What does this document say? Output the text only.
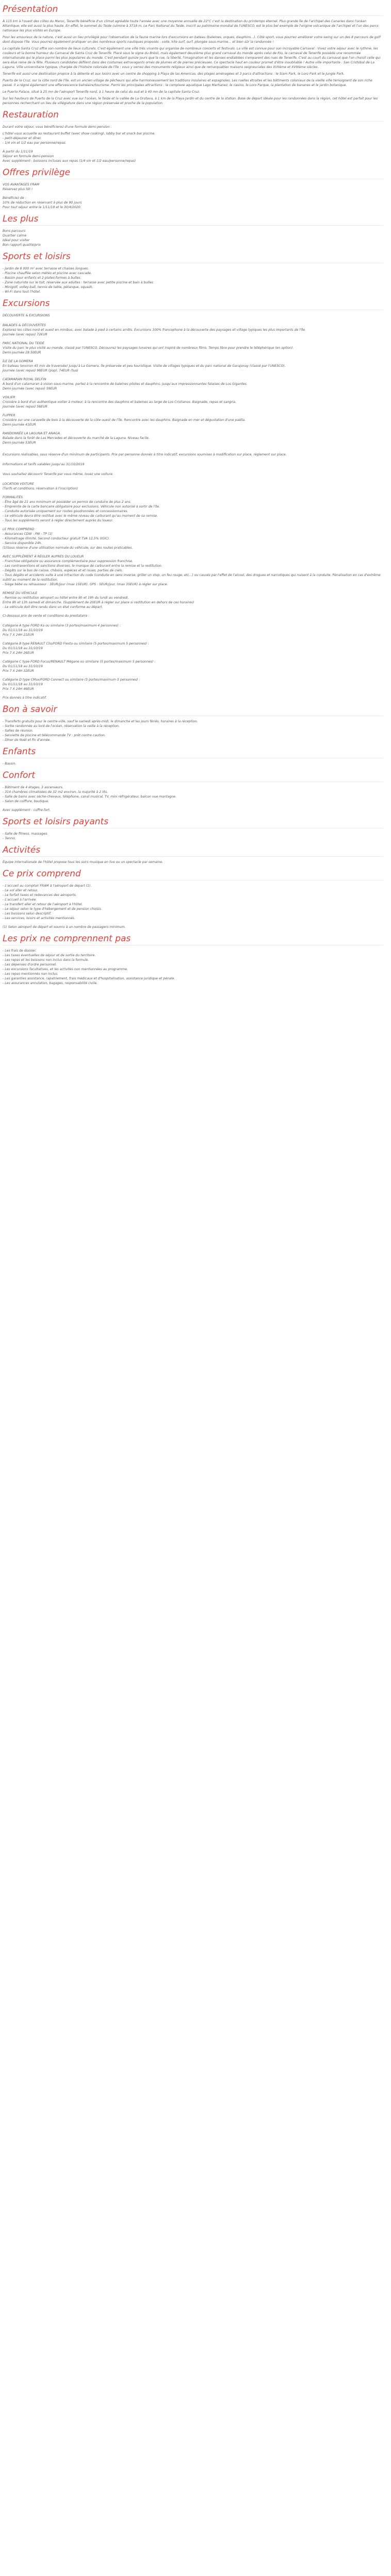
Présentation

À 115 km à l'ouest des côtes du Maroc, Tenerife bénéficie d'un climat agréable toute l'année avec une moyenne annuelle de 22°C c'est la destination du printemps éternel. Plus grande île de l'archipel des Canaries dans l'océan Atlantique, elle est aussi la plus haute. En effet, le sommet du Teide culmine à 3718 m. Le Parc National du Teide, inscrit au patrimoine mondial de l'UNESCO, est le plus bel exemple de l'origine volcanique de l'archipel et l'un des parcs nationaux les plus visités en Europe.

Pour les amoureux de la nature, c'est aussi un lieu privilégié pour l'observation de la faune marine lors d'excursions en bateau (baleines, orques, dauphins...). Côté sport, vous pourrez améliorer votre swing sur un des 8 parcours de golf dont dispose l'île. Vous pourrez également pratiquer un des nombreux sports nautiques proposés : voile, kite surf, surf, plongée sous-marine... et bien sûr la randonnée !

La capitale Santa Cruz offre son nombre de lieux culturels. C'est également une ville très vivante qui organise de nombreux concerts et festivals. La ville est connue pour son incroyable Carnaval : Vivez votre séjour avec le rythme, les couleurs et la bonne humeur du Carnaval de Santa Cruz de Tenerife. Placé sous le signe du Brésil, mais également deuxième plus grand carnaval du monde après celui de Rio, le carnaval de Tenerife possède une renommée internationale qui le place parmi les plus populaires du monde. C'est pendant quinze jours que la rue, la liberté, l'imagination et les danses endiablées s'emparent des rues de Tenerife. C'est au court du carnaval que l'on choisit celle qui sera élue reine de la fête. Plusieurs candidates défilent dans des costumes extravagants ornés de plumes et de pierres précieuses. Ce spectacle haut en couleur promet d'être inoubliable ! Autre ville importante : San Cristóbal de La Laguna. Ville universitaire typique, chargée de l'histoire coloniale de l'île ; vous y verrez des monuments religieux ainsi que de remarquables maisons seigneuriales des XVIIème et XVIIIème siècles.

Tenerife est aussi une destination propice à la détente et aux loisirs avec un centre de shopping à Playa de las Americas, des plages aménagées et 3 parcs d'attractions : le Siam Park, le Loro Park et le Jungle Park.

Puerto de la Cruz, sur la côte nord de l'île, est un ancien village de pêcheurs qui allie harmonieusement les traditions insulaires et espagnoles. Les ruelles étroites et les bâtiments coloniaux de la vieille ville témoignent de son riche passé. Il a régné également une effervescence balnéaire/tourisme. Parmi les principales attractions : le complexe aquatique Lago Martianez, le casino, le Loro Parque, la plantation de bananes et le jardin botanique.

Le Puerto Palace, situé à 25 mn de l'aéroport Tenerife nord, à 1 heure de celui du sud et à 40 mn de la capitale Santa Cruz.

Sur les hauteurs de Puerto de la Cruz avec vue sur l'océan, le Teide et la vallée de La Orotava, à 1 km de la Playa Jardín et du centre de la station. Base de départ idéale pour les randonnées dans la région, cet hôtel est parfait pour les personnes recherchant un lieu de villégiature dans une région préservée et proche de la population.

Restauration

Durant votre séjour, vous bénéficierez d'une formule demi-pension :

L'hôtel vous accueille au restaurant buffet (avec show cooking), lobby bar et snack-bar piscine.

- petit-déjeuner et dîner.

- 1/4 vin et 1/2 eau par personne/repas.

À partir du 1/11/19

Séjour en formule demi-pension

Avec supplément : boissons incluses aux repas (1/4 vin et 1/2 eau/personne/repas)

Offres privilège

VOS AVANTAGES FRAM

Réservez plus tôt !

Bénéficiez de :

10% de réduction en réservant à plus de 90 jours

Pour tout séjour entre le 1/11/19 et le 30/4/2020.

Les plus

Bons parcours

Quartier calme

Idéal pour visiter

Bon rapport qualité/prix

Sports et loisirs

- Jardin de 8 000 m² avec terrasse et chaises longues.

- Piscine chauffée selon météo et piscine avec cascade.

- Bassin pour enfants et 2 plates-formes à bulles.

- Zone naturiste sur le toit, réservée aux adultes : terrasse avec petite piscine et bain à bulles.

- Minigolf, volley-ball, tennis de table, pétanque, squash.

- Wi-Fi dans tout l'hôtel.

Excursions

DÉCOUVERTE & EXCURSIONS

BALADES & DÉCOUVERTES

Explorez les côtes nord et ouest en minibus, avec balade à pied à certains arrêts. Excursions 100% francophone à la découverte des paysages et village typiques les plus importants de l'île.

Journée (avec repas) 72€UR

PARC NATIONAL DU TEIDE

Visite du parc le plus visité au monde, classé par l'UNESCO. Découvrez les paysages lunaires qui ont inspiré de nombreux films. Temps libre pour prendre le téléphérique (en option).

Demi-journée 28.50EUR

ÎLE DE LA GOMERA

En bateau (environ 45 min de traversée) jusqu'à La Gomera, île préservée et peu touristique. Visite de villages typiques et du parc national de Garajonay (classé par l'UNESCO).

Journée (avec repas) 98EUR (pop), 74EUR (tuo)

CATAMARAN ROYAL DELFIN

À bord d'un catamaran à vision sous-marine, partez à la rencontre de baleines pilotes et dauphins, jusqu'aux impressionnantes falaises de Los Gigantes.

Demi-journée (avec repas) 59EUR

VOILIER

Croisière à bord d'un authentique voilier à moteur, à la rencontre des dauphins et baleines au large de Los Cristianos. Baignade, repas et sangria.

Journée (avec repas) 56EUR

FLIPPER

Croisière sur une caravelle de bois à la découverte de la côte ouest de l'île. Rencontre avec les dauphins. Baignade en mer et dégustation d'une paëlla.

Demi-journée 41EUR

RANDONNÉE LA LAGUNA ET ANAGA

Balade dans la forêt de Las Mercedes et découverte du marché de la Laguna. Niveau facile.

Demi-journée 53EUR

Excursions réalisables, sous réserve d'un minimum de participants. Prix par personne donnés à titre indicatif, excursions soumises à modification sur place, règlement sur place.

Informations et tarifs valables jusqu'au 31/10/2019

Vous souhaitez découvrir Tenerife par vous même, louez une voiture.

LOCATION VOITURE

(Tarifs et conditions, réservation à l'inscription)

FORMALITÉS

- Être âgé de 21 ans minimum et posséder un permis de conduire de plus 2 ans.

- Empreinte de la carte bancaire obligatoire pour exclusions. Véhicule non autorisé à sortir de l'île.

- Conduite autorisée uniquement sur routes goudronnées et concessionnaires.

- Le véhicule devra être restitué avec le même niveau de carburant qu'au moment de sa remise.

- Tous les suppléments seront à régler directement auprès du loueur.

LE PRIX COMPREND

- Assurances CDW - PAI - TP (1)

- Kilométrage illimité. Second conducteur gratuit TVA 12,5% (IGIC).

- Service disponible 24h.

(1)Sous réserve d'une utilisation normale du véhicule, sur des routes praticables.

AVEC SUPPLÉMENT À RÉGLER AUPRÈS DU LOUEUR

- Franchise obligatoire ou assurance complémentaire pour suppression franchise.

- Les contraventions et sanctions diverses, le manque de carburant entre la remise et la restitution.

- Dégâts sur le bas de caisse, châssis, espèces et et roues, parties de ciels.

- Tous dégâts et accidents suite à une infraction du code (conduite en sens inverse, griller un stop, un feu rouge, etc...) ou causés par l'effet de l'alcool, des drogues et narcotiques qui nuisent à la conduite. Pénalisation en cas d'extrême subtil au moment de la restitution.

- Siège bébé ou réhausseur : 3EUR/jour (max 15EUR), GPS : 5EUR/jour, (max 35EUR) à régler sur place.

REMISE DU VÉHICULE

- Remise ou restitution aéroport ou hôtel entre 8h et 19h du lundi au vendredi.

Entre 8h et 13h samedi et dimanche. (Supplément de 20EUR à régler sur place si restitution en dehors de ces horaires)

- Le véhicule doit être rendu dans un état conforme au départ.

Ci-dessous prix de vente et conditions du prestataire :

Catégorie A type FORD Ka ou similaire (3 portes/maximum 4 personnes) :

Du 01/11/18 au 31/10/19

Prix 7 X 24H 21EUR

Catégorie B type RENAULT Clio/FORD Fiesta ou similaire (5 portes/maximum 5 personnes) :

Du 01/11/18 au 31/10/19

Prix 7 X 24H 26EUR

Catégorie C type FORD Focus/RENAULT Mégane ou similaire (5 portes/maximum 5 personnes) :

Du 01/11/18 au 31/10/19

Prix 7 X 24H 32EUR

Catégorie D type CMax/FORD Connect ou similaire (5 portes/maximum 5 personnes) :

Du 01/11/18 au 31/10/19

Prix 7 X 24H 46EUR

Prix donnés à titre indicatif.

Bon à savoir

- Transferts gratuits pour le centre-ville, sauf le samedi après-midi, le dimanche et les jours fériés, horaires à la réception.

- Sortie randonnée au lord de l'océan, réservation la veille à la réception.

- Salles de réunion.

- Serviette de piscine et télécommande TV : prêt contre caution.

- Dîner de Noël et fin d'année.

Enfants

- Bassin.

Confort

- Bâtiment de 4 étages, 3 ascenseurs.

- 314 chambres climatisées de 32 m2 environ, la majorité à 2 lits.

- Salle de bains avec sèche-cheveux, téléphone, canal musical, TV, mini réfrigérateur, balcon vue montagne.

- Salon de coiffure, boutique.

Avec supplément : coffre-fort.

Sports et loisirs payants

- Salle de fitness, massages.

- Tennis.

Activités

Équipe internationale de l'hôtel propose tous les soirs musique en live ou un spectacle par semaine.

Ce prix comprend

- L'accueil au comptoir FRAM à l'aéroport de départ (1).

- Le vol aller et retour.

- Le forfait taxes et redevances des aéroports.

- L'accueil à l'arrivée.

- Le transfert aller et retour de l'aéroport à l'hôtel.

- Le séjour selon le type d'hébergement et de pension choisis.

- Les boissons selon descriptif.

- Les services, loisirs et activités mentionnés.

(1) Selon aéroport de départ et soumis à un nombre de passagers minimum.

Les prix ne comprennent pas

- Les frais de dossier.

- Les taxes éventuelles de séjour et de sortie du territoire.

- Les repas et les boissons non inclus dans la formule.

- Les dépenses d'ordre personnel.

- Les excursions facultatives, et les activités non mentionnées au programme.

- Les repas mentionnés non inclus.

- Les garanties assistance, rapatriement, frais médicaux et d'hospitalisation, assistance juridique et pénale.

- Les assurances annulation, bagages, responsabilité civile.
